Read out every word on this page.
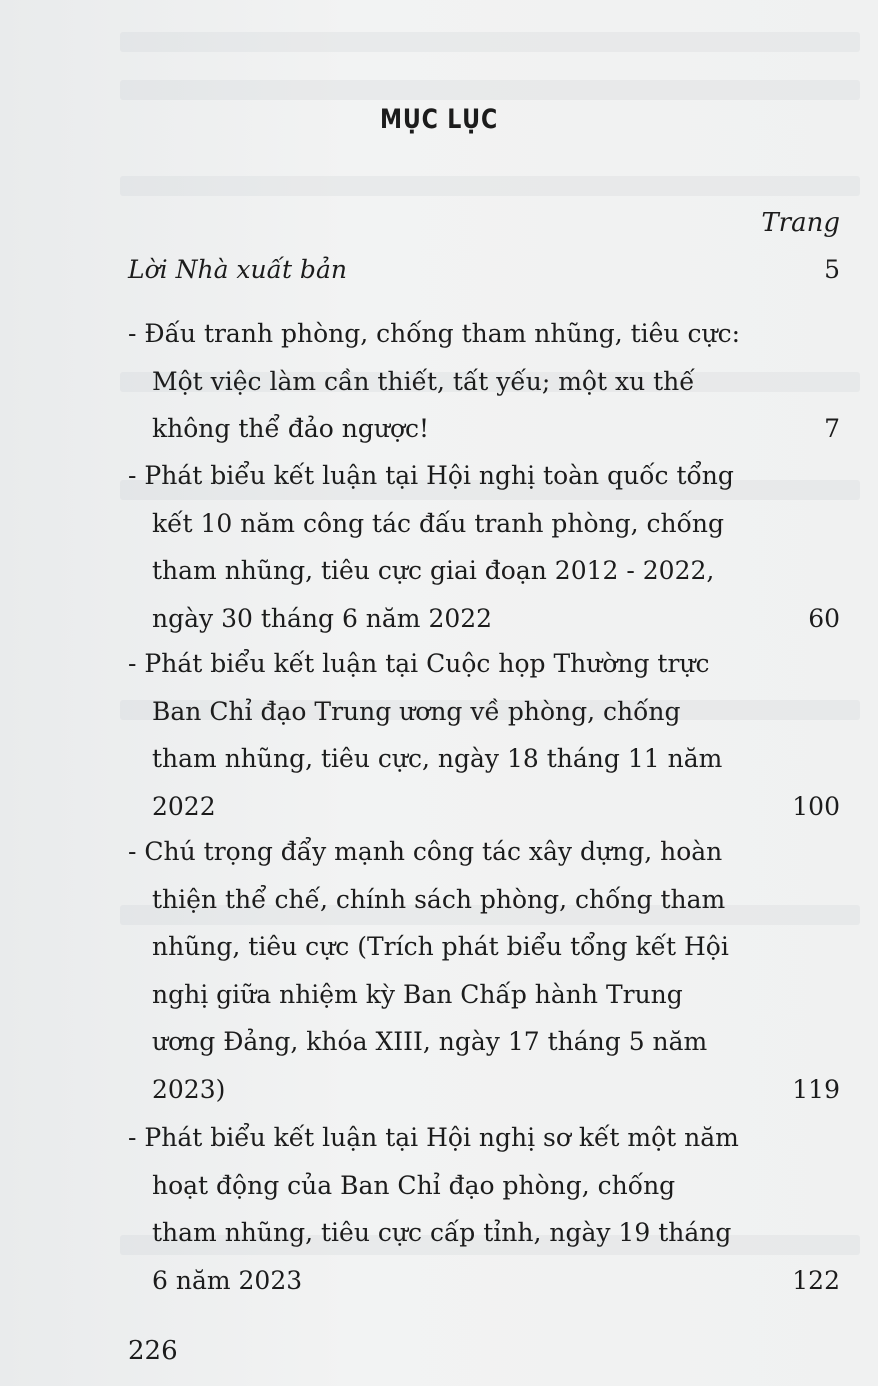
MỤC LỤC
Trang
Lời Nhà xuất bản	5
- Đấu tranh phòng, chống tham nhũng, tiêu cực: Một việc làm cần thiết, tất yếu; một xu thế không thể đảo ngược!	7
- Phát biểu kết luận tại Hội nghị toàn quốc tổng kết 10 năm công tác đấu tranh phòng, chống tham nhũng, tiêu cực giai đoạn 2012 - 2022, ngày 30 tháng 6 năm 2022	60
- Phát biểu kết luận tại Cuộc họp Thường trực Ban Chỉ đạo Trung ương về phòng, chống tham nhũng, tiêu cực, ngày 18 tháng 11 năm 2022	100
- Chú trọng đẩy mạnh công tác xây dựng, hoàn thiện thể chế, chính sách phòng, chống tham nhũng, tiêu cực (Trích phát biểu tổng kết Hội nghị giữa nhiệm kỳ Ban Chấp hành Trung ương Đảng, khóa XIII, ngày 17 tháng 5 năm 2023)	119
- Phát biểu kết luận tại Hội nghị sơ kết một năm hoạt động của Ban Chỉ đạo phòng, chống tham nhũng, tiêu cực cấp tỉnh, ngày 19 tháng 6 năm 2023	122
226
